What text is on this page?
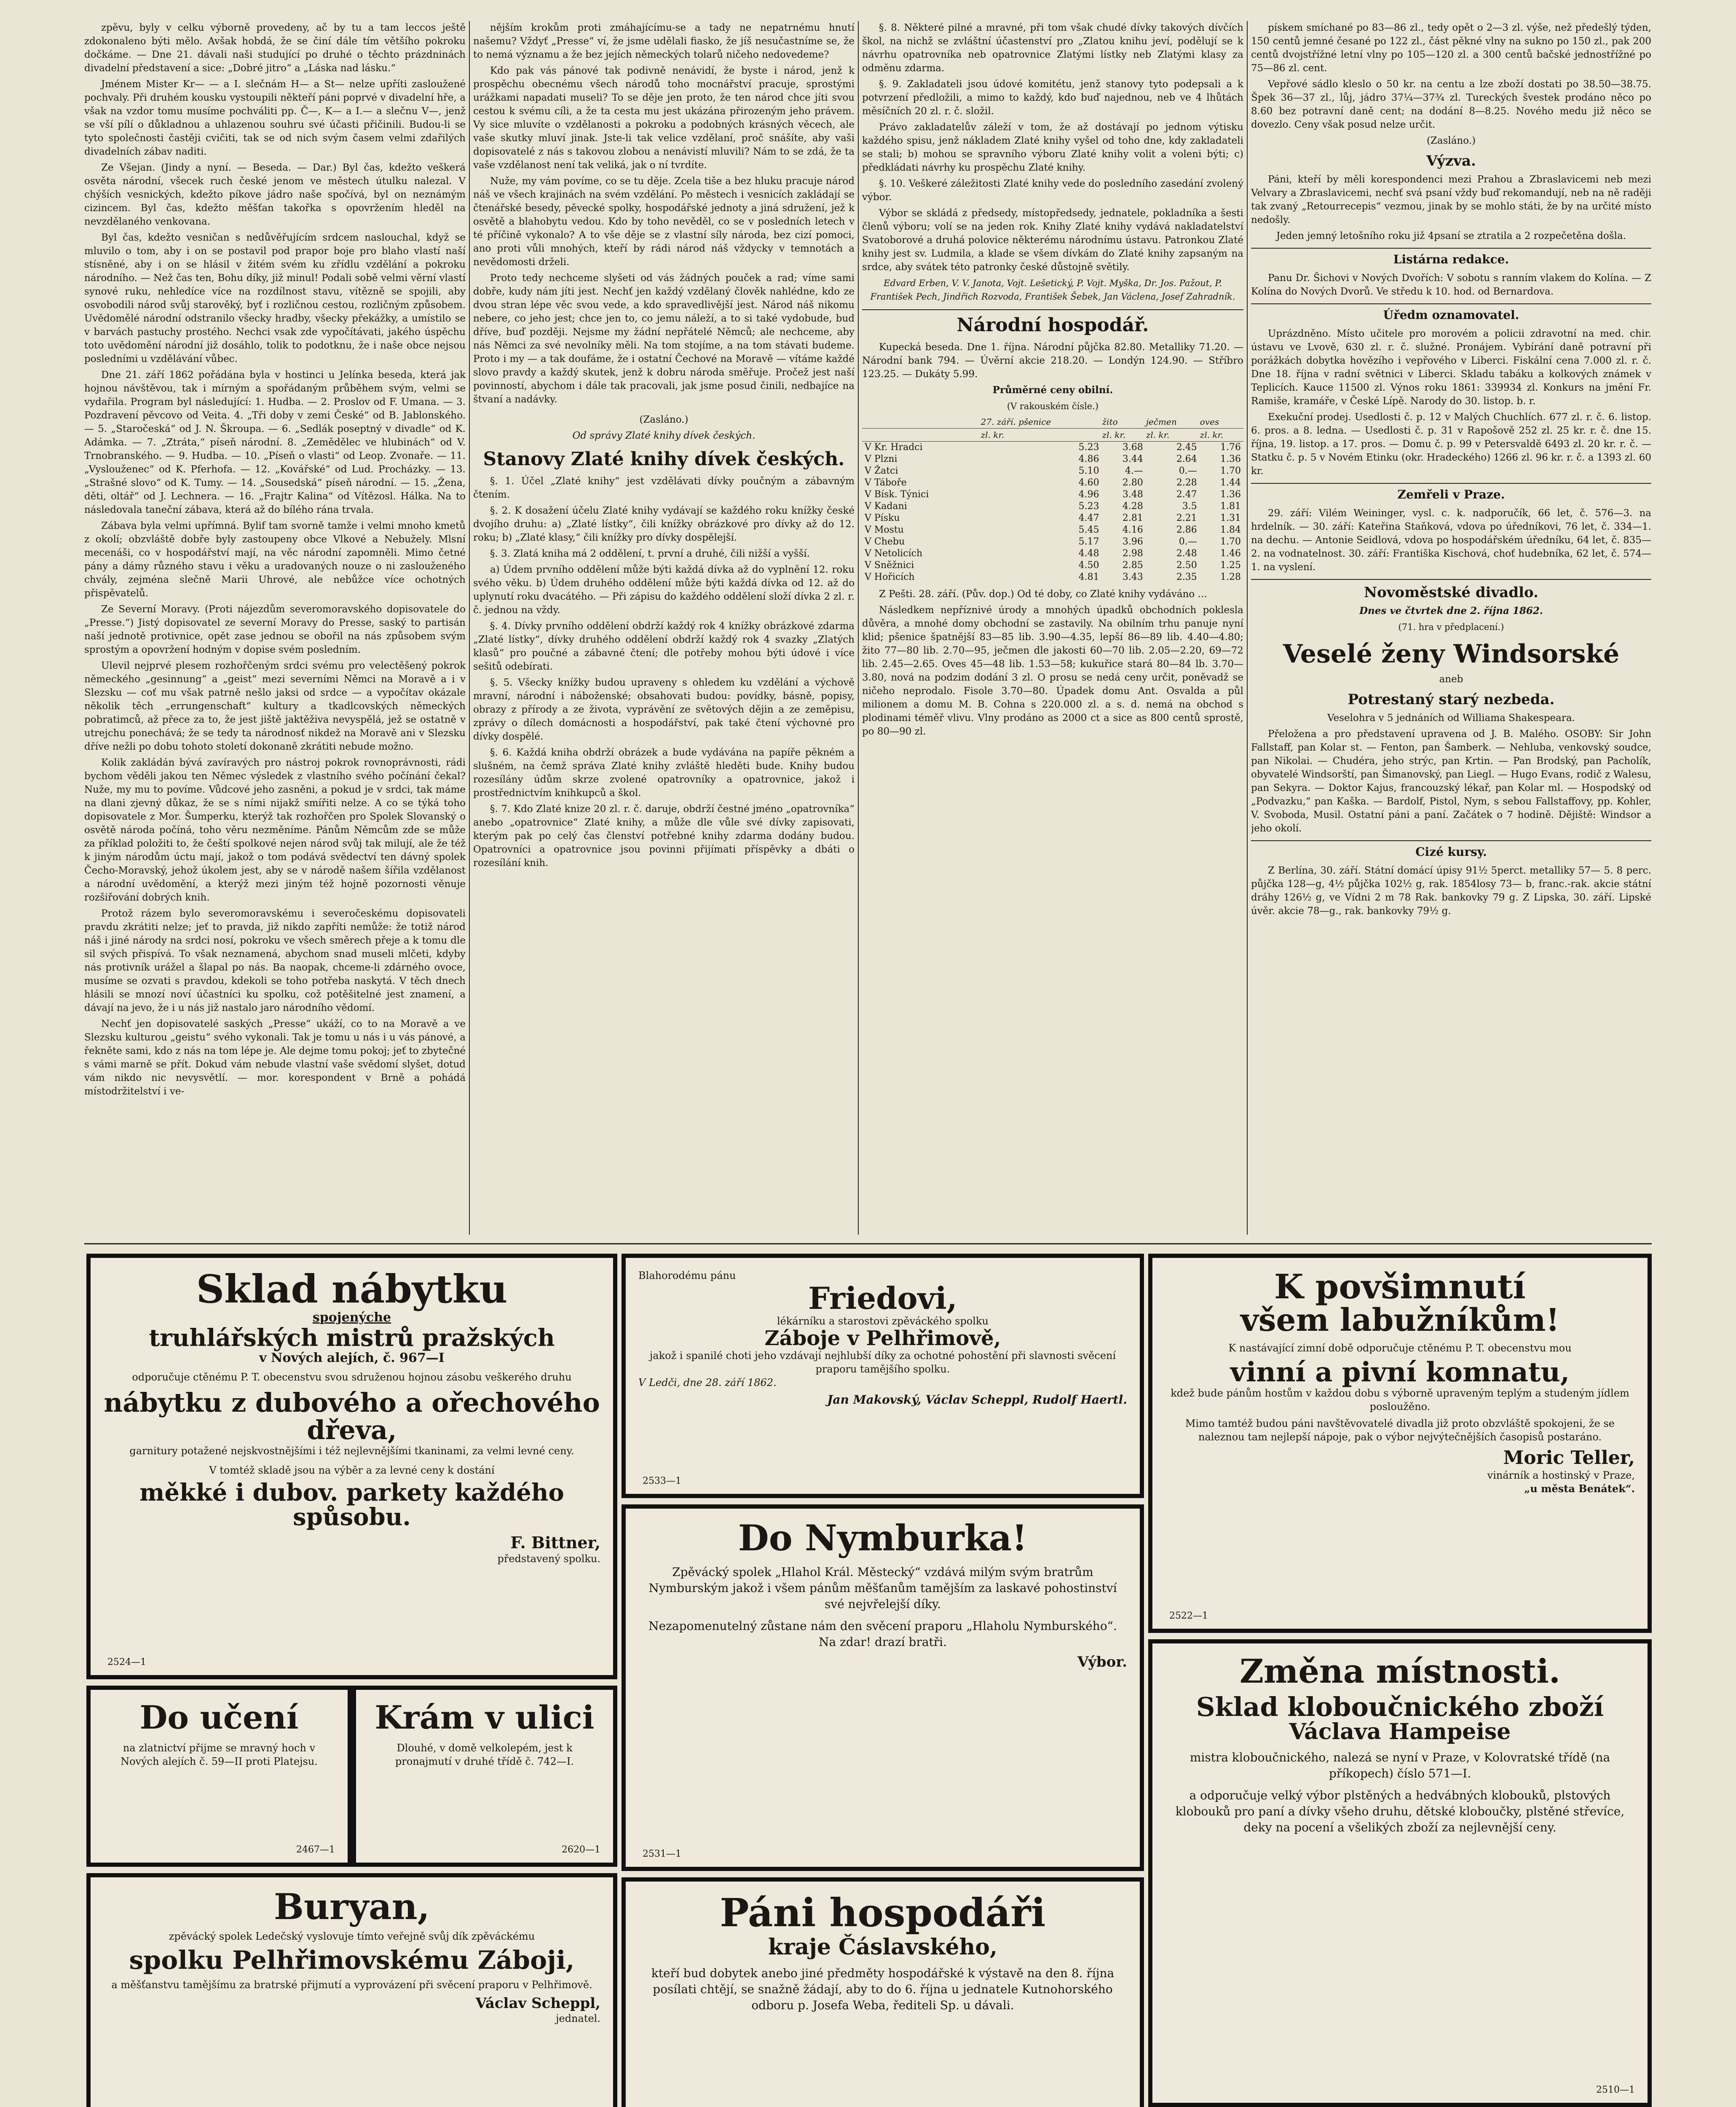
zpěvu, byly v celku výborně provedeny, ač by tu a tam leccos ještě zdokonaleno býti mělo. Avšak hobdá, že se činí dále tím většího pokroku dočkáme. — Dne 21. dávali naši studující po druhé o těchto prázdninách divadelní představení a sice: „Dobré jitro“ a „Láska nad lásku.“

Jménem Mister Kr— — a I. slečnám H— a St— nelze upříti zasloužené pochvaly. Při druhém kousku vystoupili někteří páni poprvé v divadelní hře, a však na vzdor tomu musíme pochváliti pp. Č—, K— a I.— a slečnu V—, jenž se vší pílí o důkladnou a uhlazenou souhru své účasti přičinili. Budou-li se tyto společnosti častěji cvičiti, tak se od nich svým časem velmi zdařilých divadelních zábav naditi.

Ze Všejan. (Jindy a nyní. — Beseda. — Dar.) Byl čas, kdežto veškerá osvěta národní, všecek ruch české jenom ve městech útulku nalezal. V chýších vesnických, kdežto píkove jádro naše spočívá, byl on neznámým cizincem. Byl čas, kdežto měšťan takořka s opovržením hleděl na nevzdělaného venkovana.

Byl čas, kdežto vesničan s nedůvěřujícím srdcem naslouchal, když se mluvilo o tom, aby i on se postavil pod prapor boje pro blaho vlastí naší stísněné, aby i on se hlásil v žitém svém ku zřídlu vzdělání a pokroku národního. — Než čas ten, Bohu díky, již minul! Podali sobě velmi věrní vlastí synové ruku, nehledíce více na rozdílnost stavu, vítězně se spojili, aby osvobodili národ svůj starověký, byť i rozličnou cestou, rozličným způsobem. Uvědomělé národní odstranilo všecky hradby, všecky překážky, a umístilo se v barvách pastuchy prostého. Nechci vsak zde vypočítávati, jakého úspěchu toto uvědomění národní již dosáhlo, tolik to podotknu, že i naše obce nejsou posledními u vzdělávání vůbec.

Dne 21. září 1862 pořádána byla v hostinci u Jelínka beseda, která jak hojnou návštěvou, tak i mírným a spořádaným průběhem svým, velmi se vydařila. Program byl následující: 1. Hudba. — 2. Proslov od F. Umana. — 3. Pozdravení pěvcovo od Veita. 4. „Tři doby v zemi České“ od B. Jablonského. — 5. „Staročeská“ od J. N. Škroupa. — 6. „Sedlák poseptný v divadle“ od K. Adámka. — 7. „Ztráta,“ píseň národní. 8. „Zemědělec ve hlubinách“ od V. Trnobranského. — 9. Hudba. — 10. „Píseň o vlasti“ od Leop. Zvonaře. — 11. „Vyslouženec“ od K. Pferhofa. — 12. „Kovářské“ od Lud. Procházky. — 13. „Strašné slovo“ od K. Tumy. — 14. „Sousedská“ píseň národní. — 15. „Žena, děti, oltář“ od J. Lechnera. — 16. „Frajtr Kalina“ od Vítězosl. Hálka. Na to následovala taneční zábava, která až do bílého rána trvala.

Zábava byla velmi upřímná. Bylif tam svorně tamže i velmi mnoho kmetů z okolí; obzvláště dobře byly zastoupeny obce Vlkové a Nebužely. Mlsní mecenáši, co v hospodářství mají, na věc národní zapomněli. Mimo četné pány a dámy různého stavu i věku a uradovaných nouze o ni zaslouženého chvály, zejména slečně Marii Uhrové, ale nebůžce více ochotných přispěvatelů.

Ze Severní Moravy. (Proti nájezdům severomoravského dopisovatele do „Presse.“) Jistý dopisovatel ze severní Moravy do Presse, saský to partisán naší jednotě protivnice, opět zase jednou se obořil na nás způsobem svým sprostým a opovržení hodným v dopise svém posledním.

Ulevil nejprvé plesem rozhořčeným srdci svému pro velectěšený pokrok německého „gesinnung“ a „geist“ mezi severními Němci na Moravě a i v Slezsku — coť mu však patrně nešlo jaksi od srdce — a vypočítav okázale několik těch „errungenschaft“ kultury a tkadlcovských německých pobratimců, až přece za to, že jest jiště jaktěživa nevyspělá, jež se ostatně v utrejchu ponechává; že se tedy ta národnosť nikdež na Moravě ani v Slezsku dříve nežli po dobu tohoto století dokonaně zkrátiti nebude možno.

Kolik zakládán bývá zavíravých pro nástroj pokrok rovnoprávnosti, rádi bychom věděli jakou ten Němec výsledek z vlastního svého počínání čekal? Nuže, my mu to povíme. Vůdcové jeho zasněni, a pokud je v srdci, tak máme na dlani zjevný důkaz, že se s ními nijakž smířiti nelze. A co se týká toho dopisovatele z Mor. Šumperku, kterýž tak rozhořčen pro Spolek Slovanský o osvětě národa počíná, toho věru nezměníme. Pánům Němcům zde se může za příklad položiti to, že čeští spolkové nejen národ svůj tak milují, ale že též k jiným národům úctu mají, jakož o tom podává svědectví ten dávný spolek Čecho-Moravský, jehož úkolem jest, aby se v národě našem šířila vzdělanost a národní uvědomění, a kterýž mezi jiným též hojně pozornosti věnuje rozšiřování dobrých knih.

Protož rázem bylo severomoravskému i severočeskému dopisovateli pravdu zkrátiti nelze; jeť to pravda, již nikdo zapříti nemůže: že totiž národ náš i jiné národy na srdci nosí, pokroku ve všech směrech přeje a k tomu dle sil svých přispívá. To však neznamená, abychom snad museli mlčeti, kdyby nás protivník urážel a šlapal po nás. Ba naopak, chceme-li zdárného ovoce, musíme se ozvati s pravdou, kdekoli se toho potřeba naskytá. V těch dnech hlásili se mnozí noví účastníci ku spolku, což potěšitelné jest znamení, a dávají na jevo, že i u nás již nastalo jaro národního vědomí.

Nechť jen dopisovatelé saských „Presse“ ukáží, co to na Moravě a ve Slezsku kulturou „geistu“ svého vykonali. Tak je tomu u nás i u vás pánové, a řekněte sami, kdo z nás na tom lépe je. Ale dejme tomu pokoj; jeť to zbytečné s vámi marně se přít. Dokud vám nebude vlastní vaše svědomí slyšet, dotud vám nikdo nic nevysvětlí. — mor. korespondent v Brně a pohádá místodržitelství i ve-

nějším krokům proti zmáhajícímu-se a tady ne nepatrnému hnutí našemu? Vždyť „Presse“ ví, že jsme udělali fiasko, že jíš nesučastníme se, že to nemá významu a že bez jejích německých tolarů ničeho nedovedeme?

Kdo pak vás pánové tak podivně nenávidí, že byste i národ, jenž k prospěchu obecnému všech národů toho mocnářství pracuje, sprostými urážkami napadati museli? To se děje jen proto, že ten národ chce jíti svou cestou k svému cíli, a že ta cesta mu jest ukázána přirozeným jeho právem. Vy sice mluvíte o vzdělanosti a pokroku a podobných krásných věcech, ale vaše skutky mluví jinak. Jste-li tak velice vzdělaní, proč snášíte, aby vaši dopisovatelé z nás s takovou zlobou a nenávistí mluvili? Nám to se zdá, že ta vaše vzdělanost není tak veliká, jak o ní tvrdíte.

Nuže, my vám povíme, co se tu děje. Zcela tiše a bez hluku pracuje národ náš ve všech krajinách na svém vzdělání. Po městech i vesnicích zakládají se čtenářské besedy, pěvecké spolky, hospodářské jednoty a jiná sdružení, jež k osvětě a blahobytu vedou. Kdo by toho nevěděl, co se v posledních letech v té příčině vykonalo? A to vše děje se z vlastní síly národa, bez cizí pomoci, ano proti vůli mnohých, kteří by rádi národ náš vždycky v temnotách a nevědomosti drželi.

Proto tedy nechceme slyšeti od vás žádných pouček a rad; víme sami dobře, kudy nám jíti jest. Nechť jen každý vzdělaný člověk nahlédne, kdo ze dvou stran lépe věc svou vede, a kdo spravedlivější jest. Národ náš nikomu nebere, co jeho jest; chce jen to, co jemu náleží, a to si také vydobude, buď dříve, buď později. Nejsme my žádní nepřátelé Němců; ale nechceme, aby nás Němci za své nevolníky měli. Na tom stojíme, a na tom stávati budeme. Proto i my — a tak doufáme, že i ostatní Čechové na Moravě — vítáme každé slovo pravdy a každý skutek, jenž k dobru národa směřuje. Pročež jest naší povinností, abychom i dále tak pracovali, jak jsme posud činili, nedbajíce na štvaní a nadávky.

(Zasláno.)

Od správy Zlaté knihy dívek českých.

Stanovy Zlaté knihy dívek českých.

§. 1. Účel „Zlaté knihy“ jest vzdělávati dívky poučným a zábavným čtením.

§. 2. K dosažení účelu Zlaté knihy vydávají se každého roku knížky české dvojího druhu: a) „Zlaté lístky“, čili knížky obrázkové pro dívky až do 12. roku; b) „Zlaté klasy,“ čili knížky pro dívky dospělejší.

§. 3. Zlatá kniha má 2 oddělení, t. první a druhé, čili nižší a vyšší.

a) Údem prvního oddělení může býti každá dívka až do vyplnění 12. roku svého věku. b) Údem druhého oddělení může býti každá dívka od 12. až do uplynutí roku dvacátého. — Při zápisu do každého oddělení složí dívka 2 zl. r. č. jednou na vždy.

§. 4. Dívky prvního oddělení obdrží každý rok 4 knížky obrázkové zdarma „Zlaté lístky“, dívky druhého oddělení obdrží každý rok 4 svazky „Zlatých klasů“ pro poučné a zábavné čtení; dle potřeby mohou býti údové i více sešitů odebírati.

§. 5. Všecky knížky budou upraveny s ohledem ku vzdělání a výchově mravní, národní i náboženské; obsahovati budou: povídky, básně, popisy, obrazy z přírody a ze života, vyprávění ze světových dějin a ze zeměpisu, zprávy o dílech domácnosti a hospodářství, pak také čtení výchovné pro dívky dospělé.

§. 6. Každá kniha obdrží obrázek a bude vydávána na papíře pěkném a slušném, na čemž správa Zlaté knihy zvláště hleděti bude. Knihy budou rozesílány údům skrze zvolené opatrovníky a opatrovnice, jakož i prostřednictvím knihkupců a škol.

§. 7. Kdo Zlaté knize 20 zl. r. č. daruje, obdrží čestné jméno „opatrovníka“ anebo „opatrovnice“ Zlaté knihy, a může dle vůle své dívky zapisovati, kterým pak po celý čas členství potřebné knihy zdarma dodány budou. Opatrovníci a opatrovnice jsou povinni přijímati příspěvky a dbáti o rozesílání knih.

§. 8. Některé pilné a mravné, při tom však chudé dívky takových dívčích škol, na nichž se zvláštní účastenství pro „Zlatou knihu jeví, podělují se k návrhu opatrovníka neb opatrovnice Zlatými lístky neb Zlatými klasy za odměnu zdarma.

§. 9. Zakladateli jsou údové komitétu, jenž stanovy tyto podepsali a k potvrzení předložili, a mimo to každý, kdo buď najednou, neb ve 4 lhůtách měsíčních 20 zl. r. č. složil.

Právo zakladatelův záleží v tom, že až dostávají po jednom výtisku každého spisu, jenž nákladem Zlaté knihy vyšel od toho dne, kdy zakladateli se stali; b) mohou se spravního výboru Zlaté knihy volit a voleni býti; c) předkládati návrhy ku prospěchu Zlaté knihy.

§. 10. Veškeré záležitosti Zlaté knihy vede do posledního zasedání zvolený výbor.

Výbor se skládá z předsedy, místopředsedy, jednatele, pokladníka a šesti členů výboru; volí se na jeden rok. Knihy Zlaté knihy vydává nakladatelství Svatoborové a druhá polovice některému národnímu ústavu. Patronkou Zlaté knihy jest sv. Ludmila, a klade se všem dívkám do Zlaté knihy zapsaným na srdce, aby svátek této patronky české důstojně světily.

Edvard Erben, V. V. Janota, Vojt. Lešetický, P. Vojt. Myška, Dr. Jos. Pažout, P. František Pech, Jindřich Rozvoda, František Šebek, Jan Václena, Josef Zahradník.

Národní hospodář.

Kupecká beseda. Dne 1. října. Národní půjčka 82.80. Metalliky 71.20. — Národní bank 794. — Úvěrní akcie 218.20. — Londýn 124.90. — Stříbro 123.25. — Dukáty 5.99.

Průměrné ceny obilní.

(V rakouském čísle.)

	27. září. pšenice	žito	ječmen	oves
	zl. kr.	zl. kr.	zl. kr.	zl. kr.
V Kr. Hradci	5.23	3.68	2.45	1.76
V Plzni	4.86	3.44	2.64	1.36
V Žatci	5.10	4.—	0.—	1.70
V Táboře	4.60	2.80	2.28	1.44
V Bísk. Týnici	4.96	3.48	2.47	1.36
V Kadani	5.23	4.28	3.5	1.81
V Písku	4.47	2.81	2.21	1.31
V Mostu	5.45	4.16	2.86	1.84
V Chebu	5.17	3.96	0.—	1.70
V Netolicích	4.48	2.98	2.48	1.46
V Sněžnici	4.50	2.85	2.50	1.25
V Hořicích	4.81	3.43	2.35	1.28

Z Pešti. 28. září. (Pův. dop.) Od té doby, co Zlaté knihy vydáváno ...

Následkem nepříznivé úrody a mnohých úpadků obchodních poklesla důvěra, a mnohé domy obchodní se zastavily. Na obilním trhu panuje nyní klid; pšenice špatnější 83—85 lib. 3.90—4.35, lepší 86—89 lib. 4.40—4.80; žito 77—80 lib. 2.70—95, ječmen dle jakosti 60—70 lib. 2.05—2.20, 69—72 lib. 2.45—2.65. Oves 45—48 lib. 1.53—58; kukuřice stará 80—84 lb. 3.70—3.80, nová na podzim dodání 3 zl. O prosu se nedá ceny určit, poněvadž se ničeho neprodalo. Fisole 3.70—80. Úpadek domu Ant. Osvalda a půl milionem a domu M. B. Cohna s 220.000 zl. a s. d. nemá na obchod s plodinami téměř vlivu. Vlny prodáno as 2000 ct a sice as 800 centů sprostě, po 80—90 zl.

pískem smíchané po 83—86 zl., tedy opět o 2—3 zl. výše, než předešlý týden, 150 centů jemné česané po 122 zl., část pěkné vlny na sukno po 150 zl., pak 200 centů dvojstřížné letní vlny po 105—120 zl. a 300 centů bačské jednostřížné po 75—86 zl. cent.

Vepřové sádlo kleslo o 50 kr. na centu a lze zboží dostati po 38.50—38.75. Špek 36—37 zl., lůj, jádro 37¼—37¾ zl. Tureckých švestek prodáno něco po 8.60 bez potravní daně cent; na dodání 8—8.25. Nového medu již něco se dovezlo. Ceny však posud nelze určit.

(Zasláno.)

Výzva.

Páni, kteří by měli korespondenci mezi Prahou a Zbraslavicemi neb mezi Velvary a Zbraslavicemi, nechť svá psaní vždy buď rekomandují, neb na ně raději tak zvaný „Retourrecepis“ vezmou, jinak by se mohlo státi, že by na určité místo nedošly.

Jeden jemný letošního roku již 4psaní se ztratila a 2 rozpečetěna došla.

Listárna redakce.

Panu Dr. Šichovi v Nových Dvořích: V sobotu s ranním vlakem do Kolína. — Z Kolína do Nových Dvorů. Ve středu k 10. hod. od Bernardova.

Úředm oznamovatel.

Uprázdněno. Místo učitele pro morovém a policii zdravotní na med. chir. ústavu ve Lvově, 630 zl. r. č. služné. Pronájem. Vybírání daně potravní při porážkách dobytka hovězího i vepřového v Liberci. Fiskální cena 7.000 zl. r. č. Dne 18. října v radní světnici v Liberci. Skladu tabáku a kolkových známek v Teplicích. Kauce 11500 zl. Výnos roku 1861: 339934 zl. Konkurs na jmění Fr. Ramiše, kramáře, v České Lípě. Narody do 30. listop. b. r.

Exekuční prodej. Usedlosti č. p. 12 v Malých Chuchlích. 677 zl. r. č. 6. listop. 6. pros. a 8. ledna. — Usedlosti č. p. 31 v Rapošově 252 zl. 25 kr. r. č. dne 15. října, 19. listop. a 17. pros. — Domu č. p. 99 v Petersvaldě 6493 zl. 20 kr. r. č. — Statku č. p. 5 v Novém Etinku (okr. Hradeckého) 1266 zl. 96 kr. r. č. a 1393 zl. 60 kr.

Zemřeli v Praze.

29. září: Vilém Weininger, vysl. c. k. nadporučík, 66 let, č. 576—3. na hrdelník. — 30. září: Kateřina Staňková, vdova po úředníkovi, 76 let, č. 334—1. na dechu. — Antonie Seidlová, vdova po hospodářském úředníku, 64 let, č. 835—2. na vodnatelnost. 30. září: Františka Kischová, choť hudebníka, 62 let, č. 574—1. na vyslení.

Novoměstské divadlo.

Dnes ve čtvrtek dne 2. října 1862.

(71. hra v předplacení.)

Veselé ženy Windsorské

aneb

Potrestaný starý nezbeda.

Veselohra v 5 jednáních od Williama Shakespeara.

Přeložena a pro představení upravena od J. B. Malého. OSOBY: Sir John Fallstaff, pan Kolar st. — Fenton, pan Šamberk. — Nehluba, venkovský soudce, pan Nikolai. — Chudéra, jeho strýc, pan Krtin. — Pan Brodský, pan Pacholík, obyvatelé Windsorští, pan Šimanovský, pan Liegl. — Hugo Evans, rodič z Walesu, pan Sekyra. — Doktor Kajus, francouzský lékař, pan Kolar ml. — Hospodský od „Podvazku,“ pan Kaška. — Bardolf, Pistol, Nym, s sebou Fallstaffovy, pp. Kohler, V. Svoboda, Musil. Ostatní páni a paní. Začátek o 7 hodině. Dějiště: Windsor a jeho okolí.

Cizé kursy.

Z Berlína, 30. září. Státní domácí úpisy 91½ 5perct. metalliky 57— 5. 8 perc. půjčka 128—g, 4½ půjčka 102½ g, rak. 1854losy 73— b, franc.-rak. akcie státní dráhy 126½ g, ve Vídni 2 m 78 Rak. bankovky 79 g. Z Lipska, 30. září. Lipské úvěr. akcie 78—g., rak. bankovky 79½ g.

Sklad nábytku
spojenýche
truhlářských mistrů pražských
v Nových alejích, č. 967—I
odporučuje ctěnému P. T. obecenstvu svou sdruženou hojnou zásobu veškerého druhu
nábytku z dubového a ořechového dřeva,
garnitury potažené nejskvostnějšími i též nejlevnějšími tkaninami, za velmi levné ceny.
V tomtéž skladě jsou na výběr a za levné ceny k dostání
měkké i dubov. parkety každého spůsobu.
F. Bittner,
představený spolku.
2524—1
Blahorodému pánu
Friedovi,
lékárníku a starostovi zpěváckého spolku
Záboje v Pelhřimově,
jakož i spanilé choti jeho vzdávají nejhlubší díky za ochotné pohostění při slavnosti svěcení praporu tamějšího spolku.
V Ledči, dne 28. září 1862.
Jan Makovský, Václav Scheppl, Rudolf Haertl.
2533—1
K povšimnutí
všem labužníkům!
K nastávající zimní době odporučuje ctěnému P. T. obecenstvu mou
vinní a pivní komnatu,
kdež bude pánům hostům v každou dobu s výborně upraveným teplým a studeným jídlem posloužěno.
Mimo tamtéž budou páni navštěvovatelé divadla již proto obzvláště spokojeni, že se naleznou tam nejlepší nápoje, pak o výbor nejvýtečnějších časopisů postaráno.
Moric Teller,
vinárník a hostinský v Praze,
„u města Benátek“.
2522—1
Do učení
na zlatnictví přijme se mravný hoch v Nových alejích č. 59—II proti Platejsu.
2467—1
Krám v ulici
Dlouhé, v domě velkolepém, jest k pronajmutí v druhé třídě č. 742—I.
2620—1
Do Nymburka!
Zpěvácký spolek „Hlahol Král. Městecký“ vzdává milým svým bratrům Nymburským jakož i všem pánům měšťanům tamějším za laskavé pohostinství své nejvřelejší díky.
Nezapomenutelný zůstane nám den svěcení praporu „Hlaholu Nymburského“. Na zdar! drazí bratři.
Výbor.
2531—1
Změna místnosti.
Sklad kloboučnického zboží
Václava Hampeise
mistra kloboučnického, nalezá se nyní v Praze, v Kolovratské třídě (na příkopech) číslo 571—I.
a odporučuje velký výbor plstěných a hedvábných klobouků, plstových klobouků pro paní a dívky všeho druhu, dětské kloboučky, plstěné střevíce, deky na pocení a všelikých zboží za nejlevnější ceny.
2510—1
Buryan,
zpěvácký spolek Ledečský vyslovuje tímto veřejně svůj dík zpěváckému
spolku Pelhřimovskému Záboji,
a měšťanstvu tamějšímu za bratrské přijmutí a vyprovázení při svěcení praporu v Pelhřimově.
Václav Scheppl,
jednatel.
Páni hospodáři
kraje Čáslavského,
kteří bud dobytek anebo jiné předměty hospodářské k výstavě na den 8. října posílati chtějí, se snažně žádají, aby to do 6. října u jednatele Kutnohorského odboru p. Josefa Weba, řediteli Sp. u dávali.
